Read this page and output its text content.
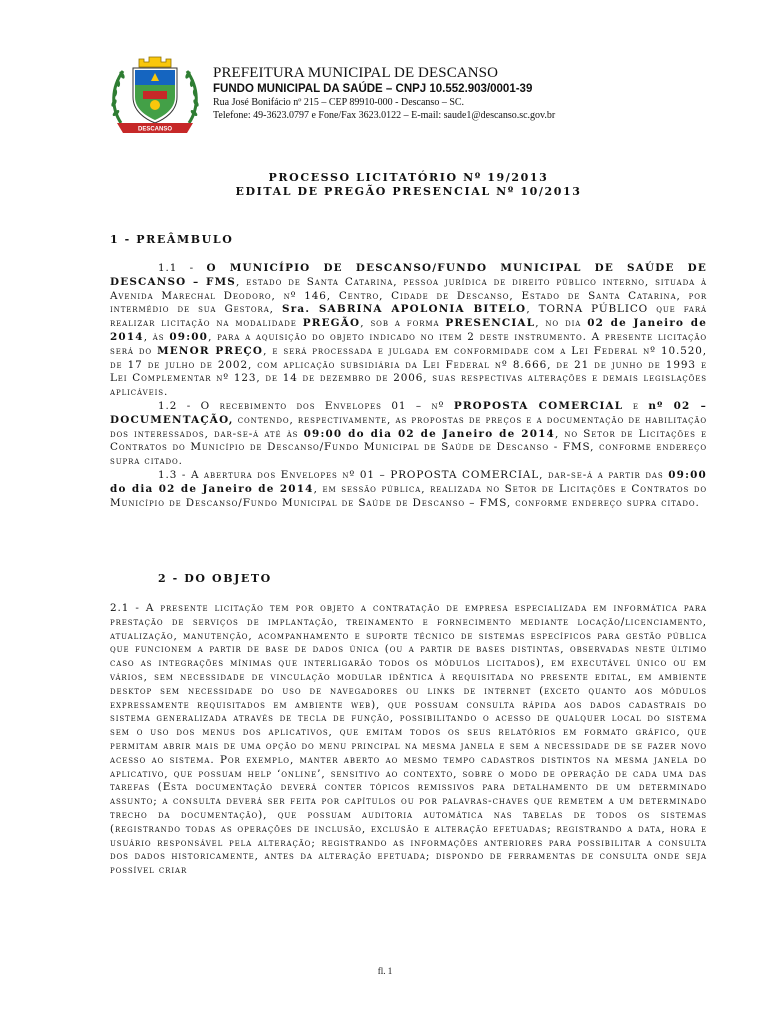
DESCANSO
PREFEITURA MUNICIPAL DE DESCANSO
FUNDO MUNICIPAL DA SAÚDE – CNPJ 10.552.903/0001-39
Rua José Bonifácio nº 215 – CEP 89910-000 - Descanso – SC.
Telefone: 49-3623.0797 e Fone/Fax 3623.0122 – E-mail: saude1@descanso.sc.gov.br
PROCESSO LICITATÓRIO Nº 19/2013
EDITAL DE PREGÃO PRESENCIAL Nº 10/2013
1 - PREÂMBULO

1.1 - O MUNICÍPIO DE DESCANSO/FUNDO MUNICIPAL DE SAÚDE DE DESCANSO – FMS, estado de Santa Catarina, pessoa jurídica de direito público interno, situada à Avenida Marechal Deodoro, nº 146, Centro, Cidade de Descanso, Estado de Santa Catarina, por intermédio de sua Gestora, Sra. SABRINA APOLONIA BITELO, TORNA PÚBLICO que fará realizar licitação na modalidade PREGÃO, sob a forma PRESENCIAL, no dia 02 de Janeiro de 2014, às 09:00, para a aquisição do objeto indicado no item 2 deste instrumento. A presente licitação será do MENOR PREÇO, e será processada e julgada em conformidade com a Lei Federal nº 10.520, de 17 de julho de 2002, com aplicação subsidiária da Lei Federal nº 8.666, de 21 de junho de 1993 e Lei Complementar nº 123, de 14 de dezembro de 2006, suas respectivas alterações e demais legislações aplicáveis.

1.2 - O recebimento dos Envelopes 01 – nº PROPOSTA COMERCIAL e nº 02 – DOCUMENTAÇÃO, contendo, respectivamente, as propostas de preços e a documentação de habilitação dos interessados, dar-se-á até às 09:00 do dia 02 de Janeiro de 2014, no Setor de Licitações e Contratos do Município de Descanso/Fundo Municipal de Saúde de Descanso - FMS, conforme endereço supra citado.

1.3 - A abertura dos Envelopes nº 01 – PROPOSTA COMERCIAL, dar-se-á a partir das 09:00 do dia 02 de Janeiro de 2014, em sessão pública, realizada no Setor de Licitações e Contratos do Município de Descanso/Fundo Municipal de Saúde de Descanso – FMS, conforme endereço supra citado.

2 - DO OBJETO

2.1 - A presente licitação tem por objeto a contratação de empresa especializada em informática para prestação de serviços de implantação, treinamento e fornecimento mediante locação/licenciamento, atualização, manutenção, acompanhamento e suporte técnico de sistemas específicos para gestão pública que funcionem a partir de base de dados única (ou a partir de bases distintas, observadas neste último caso as integrações mínimas que interligarão todos os módulos licitados), em executável único ou em vários, sem necessidade de vinculação modular idêntica à requisitada no presente edital, em ambiente desktop sem necessidade do uso de navegadores ou links de internet (exceto quanto aos módulos expressamente requisitados em ambiente web), que possuam consulta rápida aos dados cadastrais do sistema generalizada através de tecla de função, possibilitando o acesso de qualquer local do sistema sem o uso dos menus dos aplicativos, que emitam todos os seus relatórios em formato gráfico, que permitam abrir mais de uma opção do menu principal na mesma janela e sem a necessidade de se fazer novo acesso ao sistema. Por exemplo, manter aberto ao mesmo tempo cadastros distintos na mesma janela do aplicativo, que possuam help ‘online’, sensitivo ao contexto, sobre o modo de operação de cada uma das tarefas (Esta documentação deverá conter tópicos remissivos para detalhamento de um determinado assunto; a consulta deverá ser feita por capítulos ou por palavras-chaves que remetem a um determinado trecho da documentação), que possuam auditoria automática nas tabelas de todos os sistemas (registrando todas as operações de inclusão, exclusão e alteração efetuadas; registrando a data, hora e usuário responsável pela alteração; registrando as informações anteriores para possibilitar a consulta dos dados historicamente, antes da alteração efetuada; dispondo de ferramentas de consulta onde seja possível criar

fl. 1
